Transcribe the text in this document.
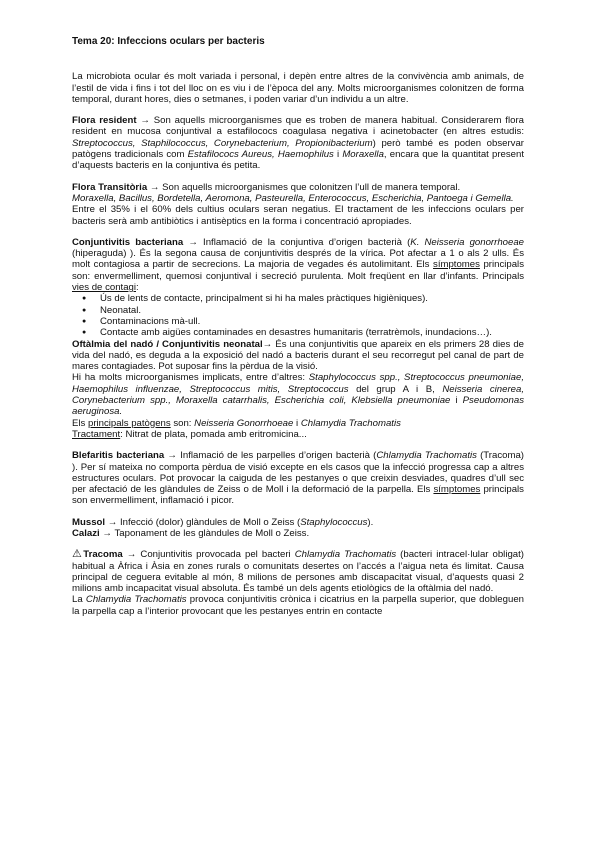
Tema 20: Infeccions oculars per bacteris

La microbiota ocular és molt variada i personal, i depèn entre altres de la convivència amb animals, de l’estil de vida i fins i tot del lloc on es viu i de l’època del any. Molts microorganismes colonitzen de forma temporal, durant hores, dies o setmanes, i poden variar d’un individu a un altre.

Flora resident → Son aquells microorganismes que es troben de manera habitual. Considerarem flora resident en mucosa conjuntival a estafilococs coagulasa negativa i acinetobacter (en altres estudis: Streptococcus, Staphilococcus, Corynebacterium, Propionibacterium) però també es poden observar patògens tradicionals com Estafilococs Aureus, Haemophilus i Moraxella, encara que la quantitat present d’aquests bacteris en la conjuntiva és petita.

Flora Transitòria → Son aquells microorganismes que colonitzen l’ull de manera temporal.

Moraxella, Bacillus, Bordetella, Aeromona, Pasteurella, Enterococcus, Escherichia, Pantoega i Gemella.

Entre el 35% i el 60% dels cultius oculars seran negatius. El tractament de les infeccions oculars per bacteris serà amb antibiòtics i antisèptics en la forma i concentració apropiades.

Conjuntivitis bacteriana → Inflamació de la conjuntiva d’origen bacterià (K. Neisseria gonorrhoeae (hiperaguda) ). És la segona causa de conjuntivitis després de la vírica. Pot afectar a 1 o als 2 ulls. És molt contagiosa a partir de secrecions. La majoria de vegades és autolimitant. Els símptomes principals son: envermelliment, quemosi conjuntival i secreció purulenta. Molt freqüent en llar d’infants. Principals vies de contagi:

● Ús de lents de contacte, principalment si hi ha males pràctiques higièniques).
● Neonatal.
● Contaminacions mà-ull.
● Contacte amb aigües contaminades en desastres humanitaris (terratrèmols, inundacions…).

Oftàlmia del nadó / Conjuntivitis neonatal→ És una conjuntivitis que apareix en els primers 28 dies de vida del nadó, es deguda a la exposició del nadó a bacteris durant el seu recorregut pel canal de part de mares contagiades. Pot suposar fins la pèrdua de la visió.

Hi ha molts microorganismes implicats, entre d’altres: Staphylococcus spp., Streptococcus pneumoniae, Haemophilus influenzae, Streptococcus mitis, Streptococcus del grup A i B, Neisseria cinerea, Corynebacterium spp., Moraxella catarrhalis, Escherichia coli, Klebsiella pneumoniae i Pseudomonas aeruginosa.

Els principals patògens son: Neisseria Gonorrhoeae i Chlamydia Trachomatis

Tractament: Nitrat de plata, pomada amb eritromicina...

Blefaritis bacteriana → Inflamació de les parpelles d’origen bacterià (Chlamydia Trachomatis (Tracoma) ). Per sí mateixa no comporta pèrdua de visió excepte en els casos que la infecció progressa cap a altres estructures oculars. Pot provocar la caiguda de les pestanyes o que creixin desviades, quadres d’ull sec per afectació de les glàndules de Zeiss o de Moll i la deformació de la parpella. Els símptomes principals son envermelliment, inflamació i picor.

Mussol → Infecció (dolor) glàndules de Moll o Zeiss (Staphylococcus).

Calazi → Taponament de les glàndules de Moll o Zeiss.

⚠Tracoma → Conjuntivitis provocada pel bacteri Chlamydia Trachomatis (bacteri intracel·lular obligat) habitual a Àfrica i Àsia en zones rurals o comunitats desertes on l’accés a l’aigua neta és limitat. Causa principal de ceguera evitable al món, 8 milions de persones amb discapacitat visual, d’aquests quasi 2 milions amb incapacitat visual absoluta. És també un dels agents etiològics de la oftàlmia del nadó.

La Chlamydia Trachomatis provoca conjuntivitis crònica i cicatrius en la parpella superior, que dobleguen la parpella cap a l’interior provocant que les pestanyes entrin en contacte
